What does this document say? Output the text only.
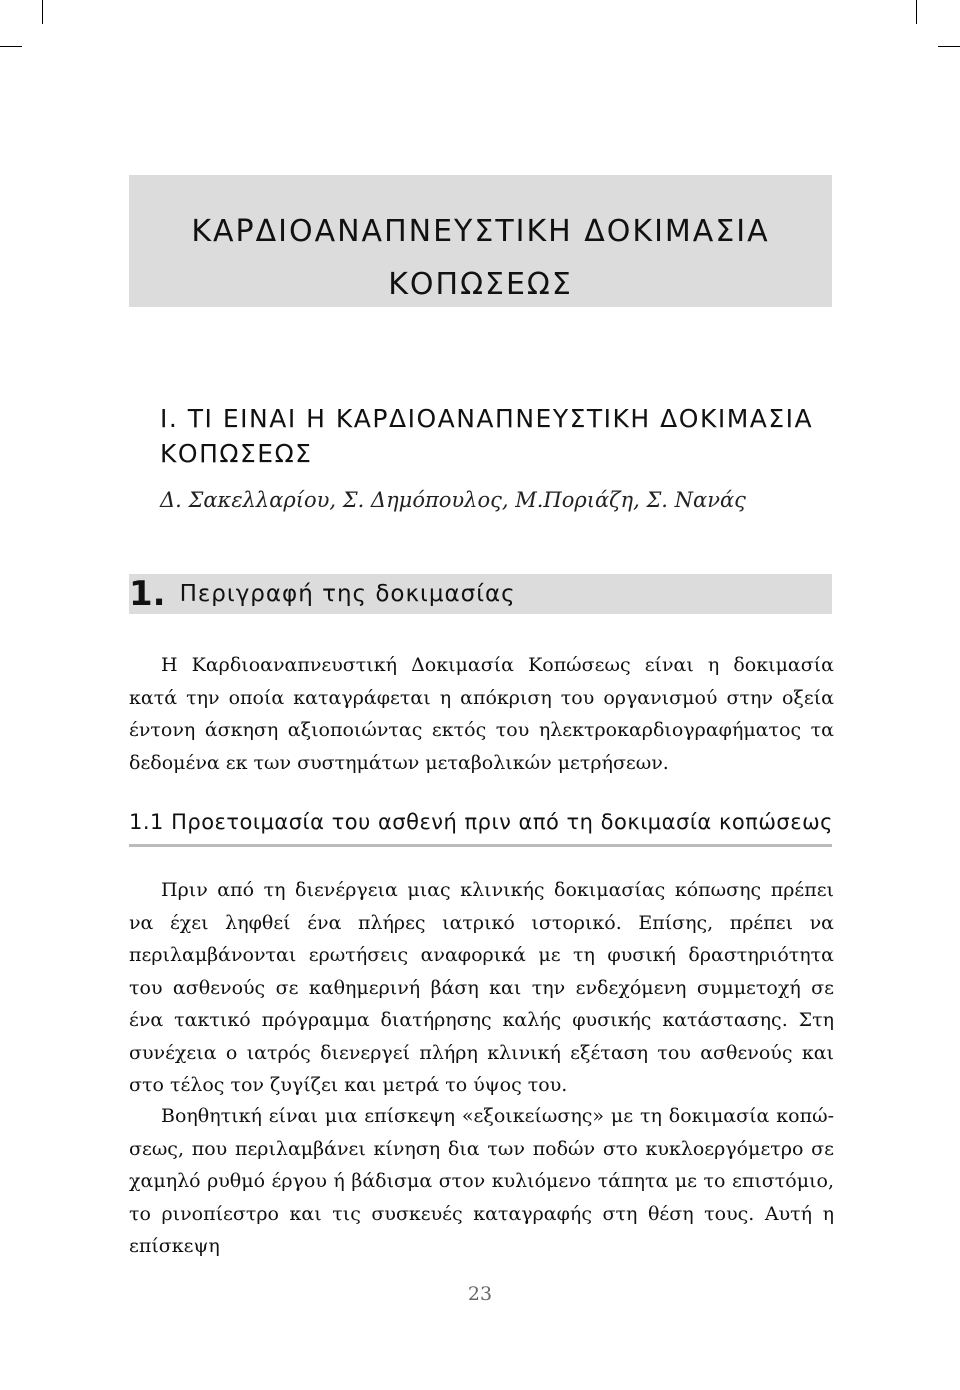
ΚΑΡΔΙΟΑΝΑΠΝΕΥΣΤΙΚΗ ΔΟΚΙΜΑΣΙΑ
ΚΟΠΩΣΕΩΣ
Ι. ΤΙ ΕΙΝΑΙ Η ΚΑΡΔΙΟΑΝΑΠΝΕΥΣΤΙΚΗ ΔΟΚΙΜΑΣΙΑ
ΚΟΠΩΣΕΩΣ
Δ. Σακελλαρίου, Σ. Δημόπουλος, Μ.Ποριάζη, Σ. Νανάς
1. Περιγραφή της δοκιμασίας

Η Καρδιοαναπνευστική Δοκιμασία Κοπώσεως είναι η δοκιμασία κατά την οποία καταγράφεται η απόκριση του οργανισμού στην οξεία έντονη άσκηση αξιοποιώντας εκτός του ηλεκτροκαρδιογραφήματος τα δεδομένα εκ των συστημάτων μεταβολικών μετρήσεων.

1.1 Προετοιμασία του ασθενή πριν από τη δοκιμασία κοπώσεως

Πριν από τη διενέργεια μιας κλινικής δοκιμασίας κόπωσης πρέπει να έχει ληφθεί ένα πλήρες ιατρικό ιστορικό. Επίσης, πρέπει να περιλαμβάνονται ερωτήσεις αναφορικά με τη φυσική δραστηριότητα του ασθενούς σε καθημερινή βάση και την ενδεχόμενη συμμετοχή σε ένα τακτικό πρόγραμμα διατήρησης καλής φυσικής κατάστασης. Στη συνέχεια ο ιατρός διενεργεί πλήρη κλινική εξέταση του ασθενούς και στο τέλος τον ζυγίζει και μετρά το ύψος του.

Βοηθητική είναι μια επίσκεψη «εξοικείωσης» με τη δοκιμασία κοπώσεως, που περιλαμβάνει κίνηση δια των ποδών στο κυκλοεργόμετρο σε χαμηλό ρυθμό έργου ή βάδισμα στον κυλιόμενο τάπητα με το επιστόμιο, το ρινοπίεστρο και τις συσκευές καταγραφής στη θέση τους. Αυτή η επίσκεψη

23
